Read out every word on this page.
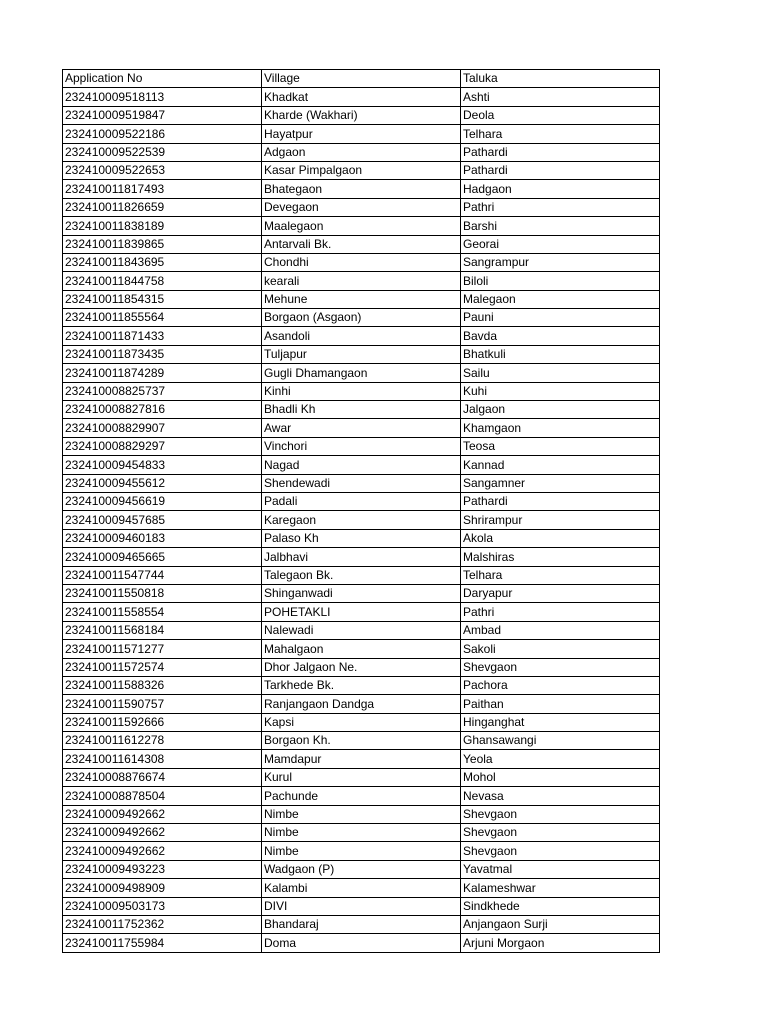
Application No	Village	Taluka
232410009518113	Khadkat	Ashti
232410009519847	Kharde (Wakhari)	Deola
232410009522186	Hayatpur	Telhara
232410009522539	Adgaon	Pathardi
232410009522653	Kasar Pimpalgaon	Pathardi
232410011817493	Bhategaon	Hadgaon
232410011826659	Devegaon	Pathri
232410011838189	Maalegaon	Barshi
232410011839865	Antarvali Bk.	Georai
232410011843695	Chondhi	Sangrampur
232410011844758	kearali	Biloli
232410011854315	Mehune	Malegaon
232410011855564	Borgaon (Asgaon)	Pauni
232410011871433	Asandoli	Bavda
232410011873435	Tuljapur	Bhatkuli
232410011874289	Gugli Dhamangaon	Sailu
232410008825737	Kinhi	Kuhi
232410008827816	Bhadli Kh	Jalgaon
232410008829907	Awar	Khamgaon
232410008829297	Vinchori	Teosa
232410009454833	Nagad	Kannad
232410009455612	Shendewadi	Sangamner
232410009456619	Padali	Pathardi
232410009457685	Karegaon	Shrirampur
232410009460183	Palaso Kh	Akola
232410009465665	Jalbhavi	Malshiras
232410011547744	Talegaon Bk.	Telhara
232410011550818	Shinganwadi	Daryapur
232410011558554	POHETAKLI	Pathri
232410011568184	Nalewadi	Ambad
232410011571277	Mahalgaon	Sakoli
232410011572574	Dhor Jalgaon Ne.	Shevgaon
232410011588326	Tarkhede Bk.	Pachora
232410011590757	Ranjangaon Dandga	Paithan
232410011592666	Kapsi	Hinganghat
232410011612278	Borgaon Kh.	Ghansawangi
232410011614308	Mamdapur	Yeola
232410008876674	Kurul	Mohol
232410008878504	Pachunde	Nevasa
232410009492662	Nimbe	Shevgaon
232410009492662	Nimbe	Shevgaon
232410009492662	Nimbe	Shevgaon
232410009493223	Wadgaon (P)	Yavatmal
232410009498909	Kalambi	Kalameshwar
232410009503173	DIVI	Sindkhede
232410011752362	Bhandaraj	Anjangaon Surji
232410011755984	Doma	Arjuni Morgaon
